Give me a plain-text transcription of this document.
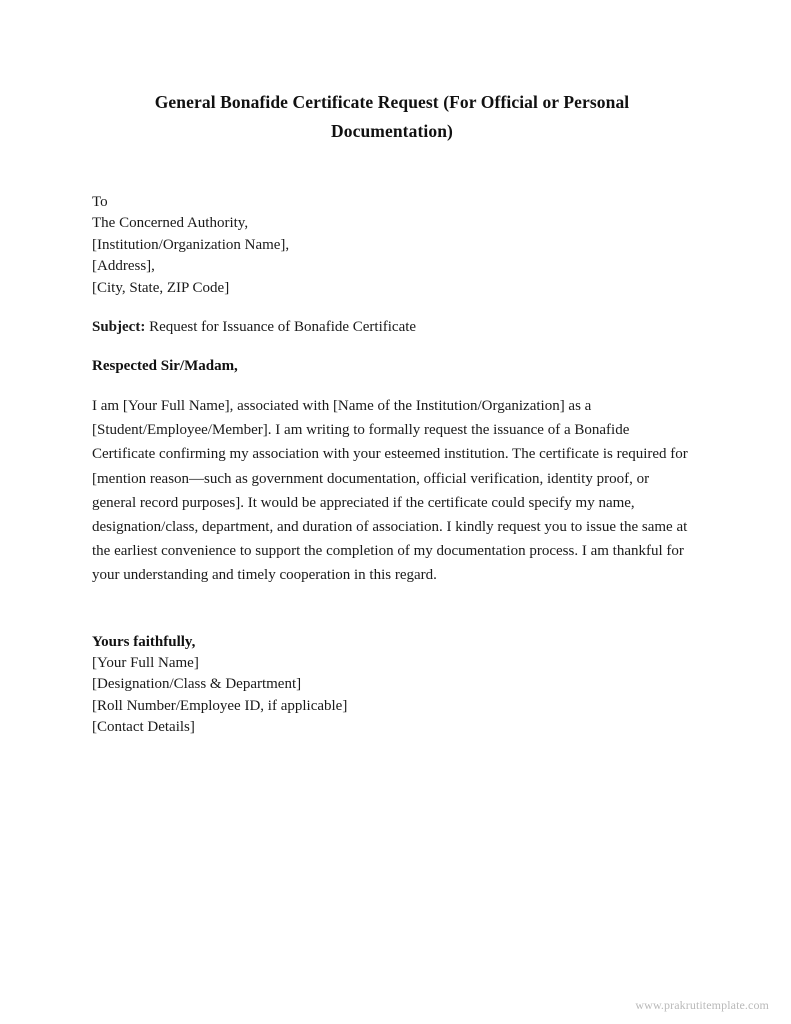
General Bonafide Certificate Request (For Official or Personal Documentation)
To
The Concerned Authority,
[Institution/Organization Name],
[Address],
[City, State, ZIP Code]
Subject: Request for Issuance of Bonafide Certificate
Respected Sir/Madam,

I am [Your Full Name], associated with [Name of the Institution/Organization] as a [Student/Employee/Member]. I am writing to formally request the issuance of a Bonafide Certificate confirming my association with your esteemed institution. The certificate is required for [mention reason—such as government documentation, official verification, identity proof, or general record purposes]. It would be appreciated if the certificate could specify my name, designation/class, department, and duration of association. I kindly request you to issue the same at the earliest convenience to support the completion of my documentation process. I am thankful for your understanding and timely cooperation in this regard.

Yours faithfully,
[Your Full Name]
[Designation/Class & Department]
[Roll Number/Employee ID, if applicable]
[Contact Details]
www.prakrutitemplate.com
